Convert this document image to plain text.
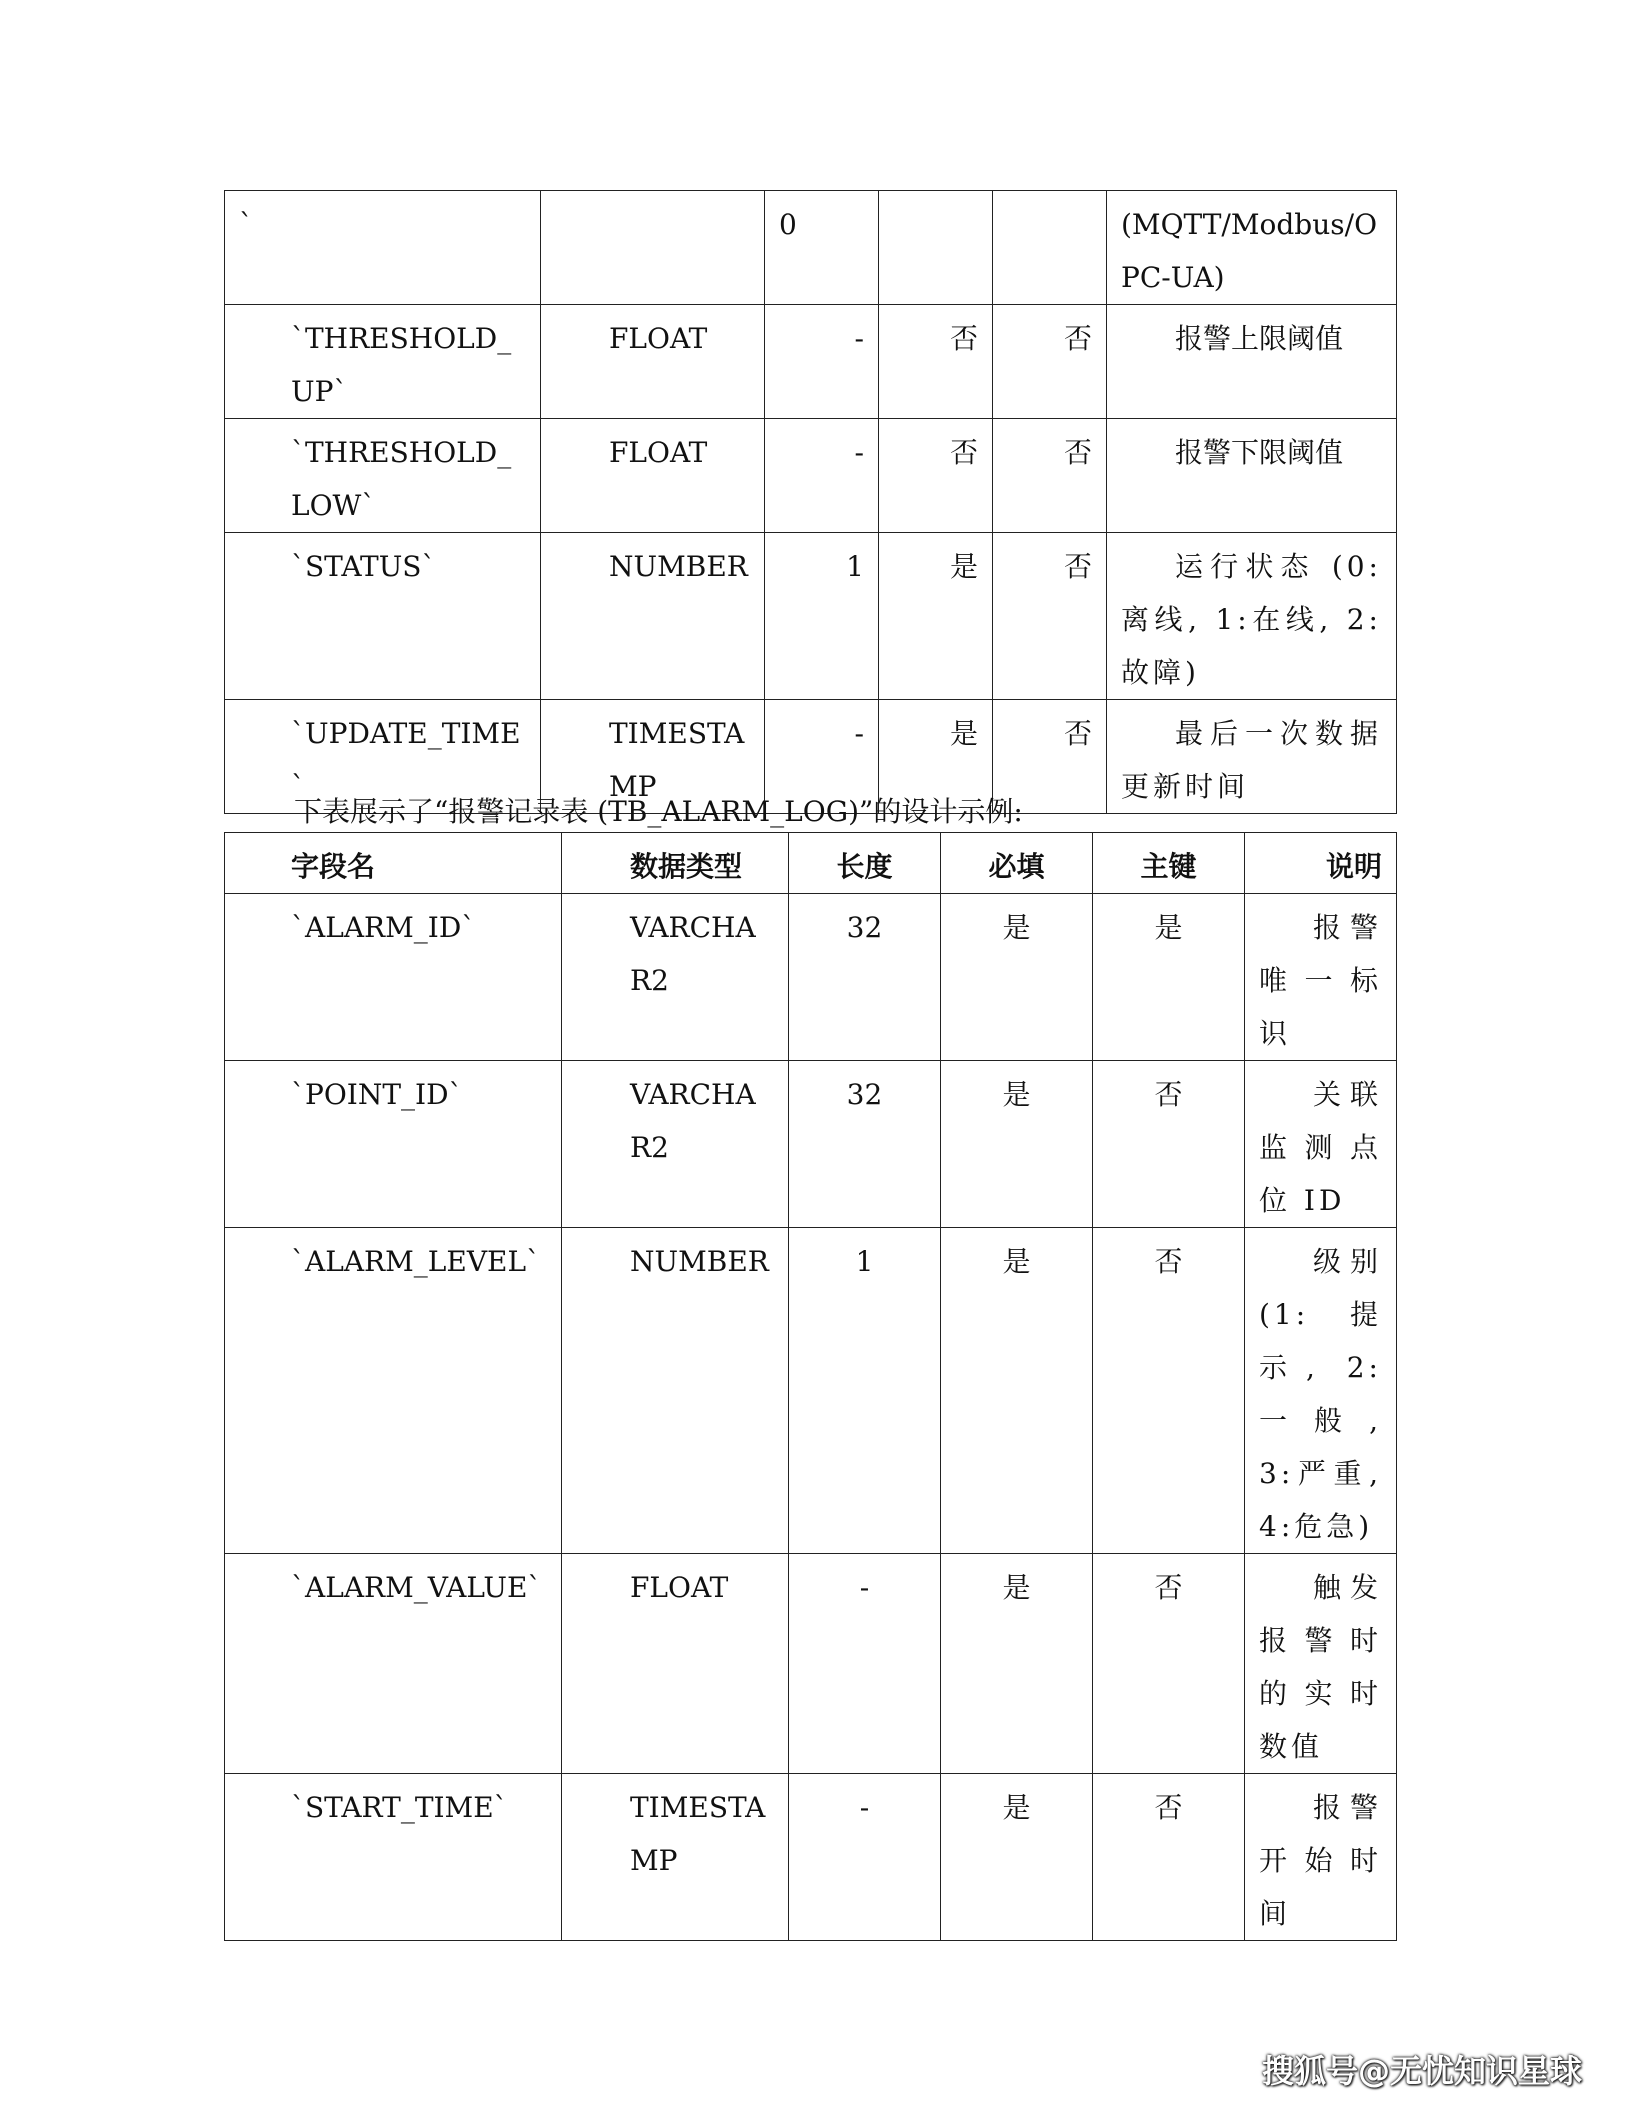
`		0			(MQTT/Modbus/OPC-UA)
`THRESHOLD_UP`	FLOAT	-	否	否	报警上限阈值
`THRESHOLD_LOW`	FLOAT	-	否	否	报警下限阈值
`STATUS`	NUMBER	1	是	否	运行状态 (0: 离线, 1:在线, 2: 故障)
`UPDATE_TIME`	TIMESTAMP	-	是	否	最后一次数据更新时间
下表展示了“报警记录表 (TB_ALARM_LOG)”的设计示例:
字段名	数据类型	长度	必填	主键	说明
`ALARM_ID`	VARCHAR2	32	是	是	报警唯一标识
`POINT_ID`	VARCHAR2	32	是	否	关联监测点位 ID
`ALARM_LEVEL`	NUMBER	1	是	否	级别 (1: 提示, 2: 一般, 3:严重, 4:危急)
`ALARM_VALUE`	FLOAT	-	是	否	触发报警时的实时数值
`START_TIME`	TIMESTAMP	-	是	否	报警开始时间
搜狐号@无忧知识星球
